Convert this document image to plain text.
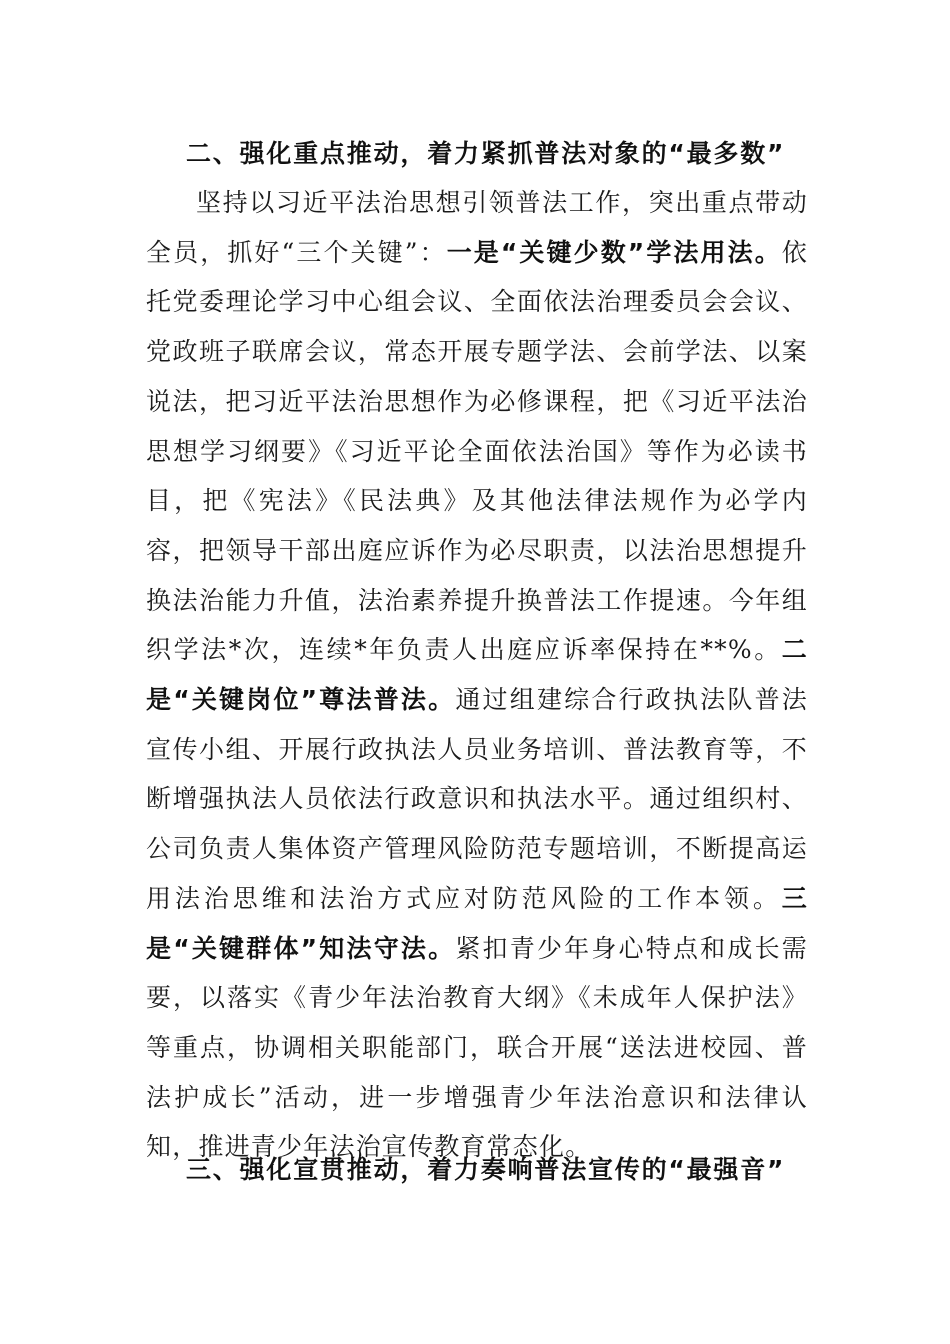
二、强化重点推动，着力紧抓普法对象的“最多数”

坚持以习近平法治思想引领普法工作，突出重点带动全员，抓好“三个关键”：一是“关键少数”学法用法。依托党委理论学习中心组会议、全面依法治理委员会会议、党政班子联席会议，常态开展专题学法、会前学法、以案说法，把习近平法治思想作为必修课程，把《习近平法治思想学习纲要》《习近平论全面依法治国》等作为必读书目，把《宪法》《民法典》及其他法律法规作为必学内容，把领导干部出庭应诉作为必尽职责，以法治思想提升换法治能力升值，法治素养提升换普法工作提速。今年组织学法*次，连续*年负责人出庭应诉率保持在**%。二是“关键岗位”尊法普法。通过组建综合行政执法队普法宣传小组、开展行政执法人员业务培训、普法教育等，不断增强执法人员依法行政意识和执法水平。通过组织村、公司负责人集体资产管理风险防范专题培训，不断提高运用法治思维和法治方式应对防范风险的工作本领。三是“关键群体”知法守法。紧扣青少年身心特点和成长需要，以落实《青少年法治教育大纲》《未成年人保护法》等重点，协调相关职能部门，联合开展“送法进校园、普法护成长”活动，进一步增强青少年法治意识和法律认知，推进青少年法治宣传教育常态化。

三、强化宣贯推动，着力奏响普法宣传的“最强音”
